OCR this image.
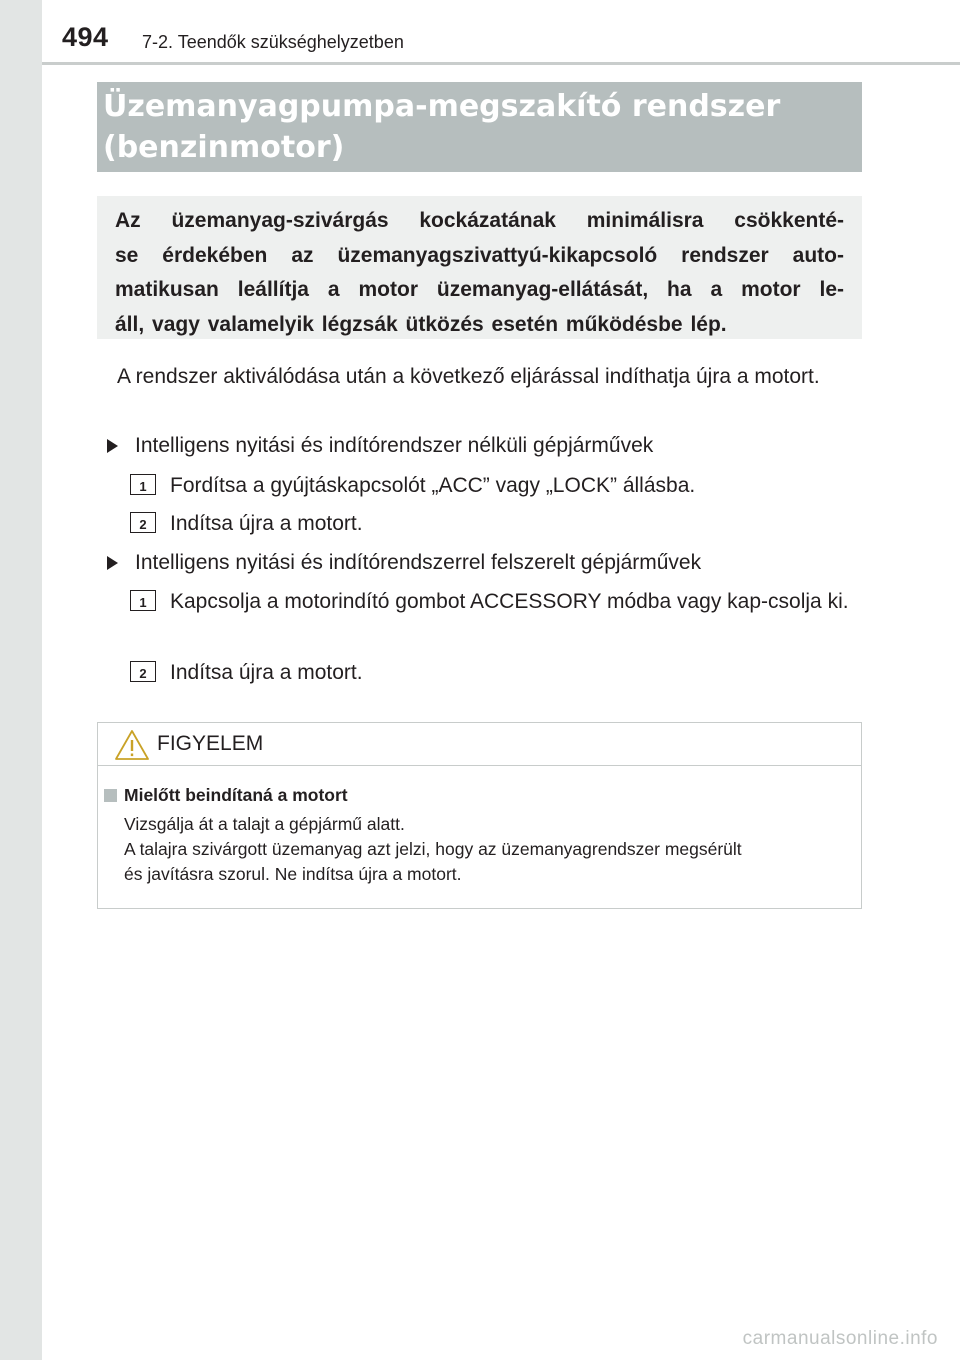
494 7-2. Teendők szükséghelyzetben
Üzemanyagpumpa-megszakító rendszer
(benzinmotor)
Az üzemanyag-szivárgás kockázatának minimálisra csökkenté-
se érdekében az üzemanyagszivattyú-kikapcsoló rendszer auto-
matikusan leállítja a motor üzemanyag-ellátását, ha a motor le-
áll, vagy valamelyik légzsák ütközés esetén működésbe lép.
A rendszer aktiválódása után a következő eljárással indíthatja újra a motort.
Intelligens nyitási és indítórendszer nélküli gépjárművek
1	Fordítsa a gyújtáskapcsolót „ACC” vagy „LOCK” állásba.
2	Indítsa újra a motort.
Intelligens nyitási és indítórendszerrel felszerelt gépjárművek
1	Kapcsolja a motorindító gombot ACCESSORY módba vagy kap-csolja ki.
2	Indítsa újra a motort.
FIGYELEM
Mielőtt beindítaná a motort
Vizsgálja át a talajt a gépjármű alatt.
A talajra szivárgott üzemanyag azt jelzi, hogy az üzemanyagrendszer megsérült
és javításra szorul. Ne indítsa újra a motort.
carmanualsonline.info
